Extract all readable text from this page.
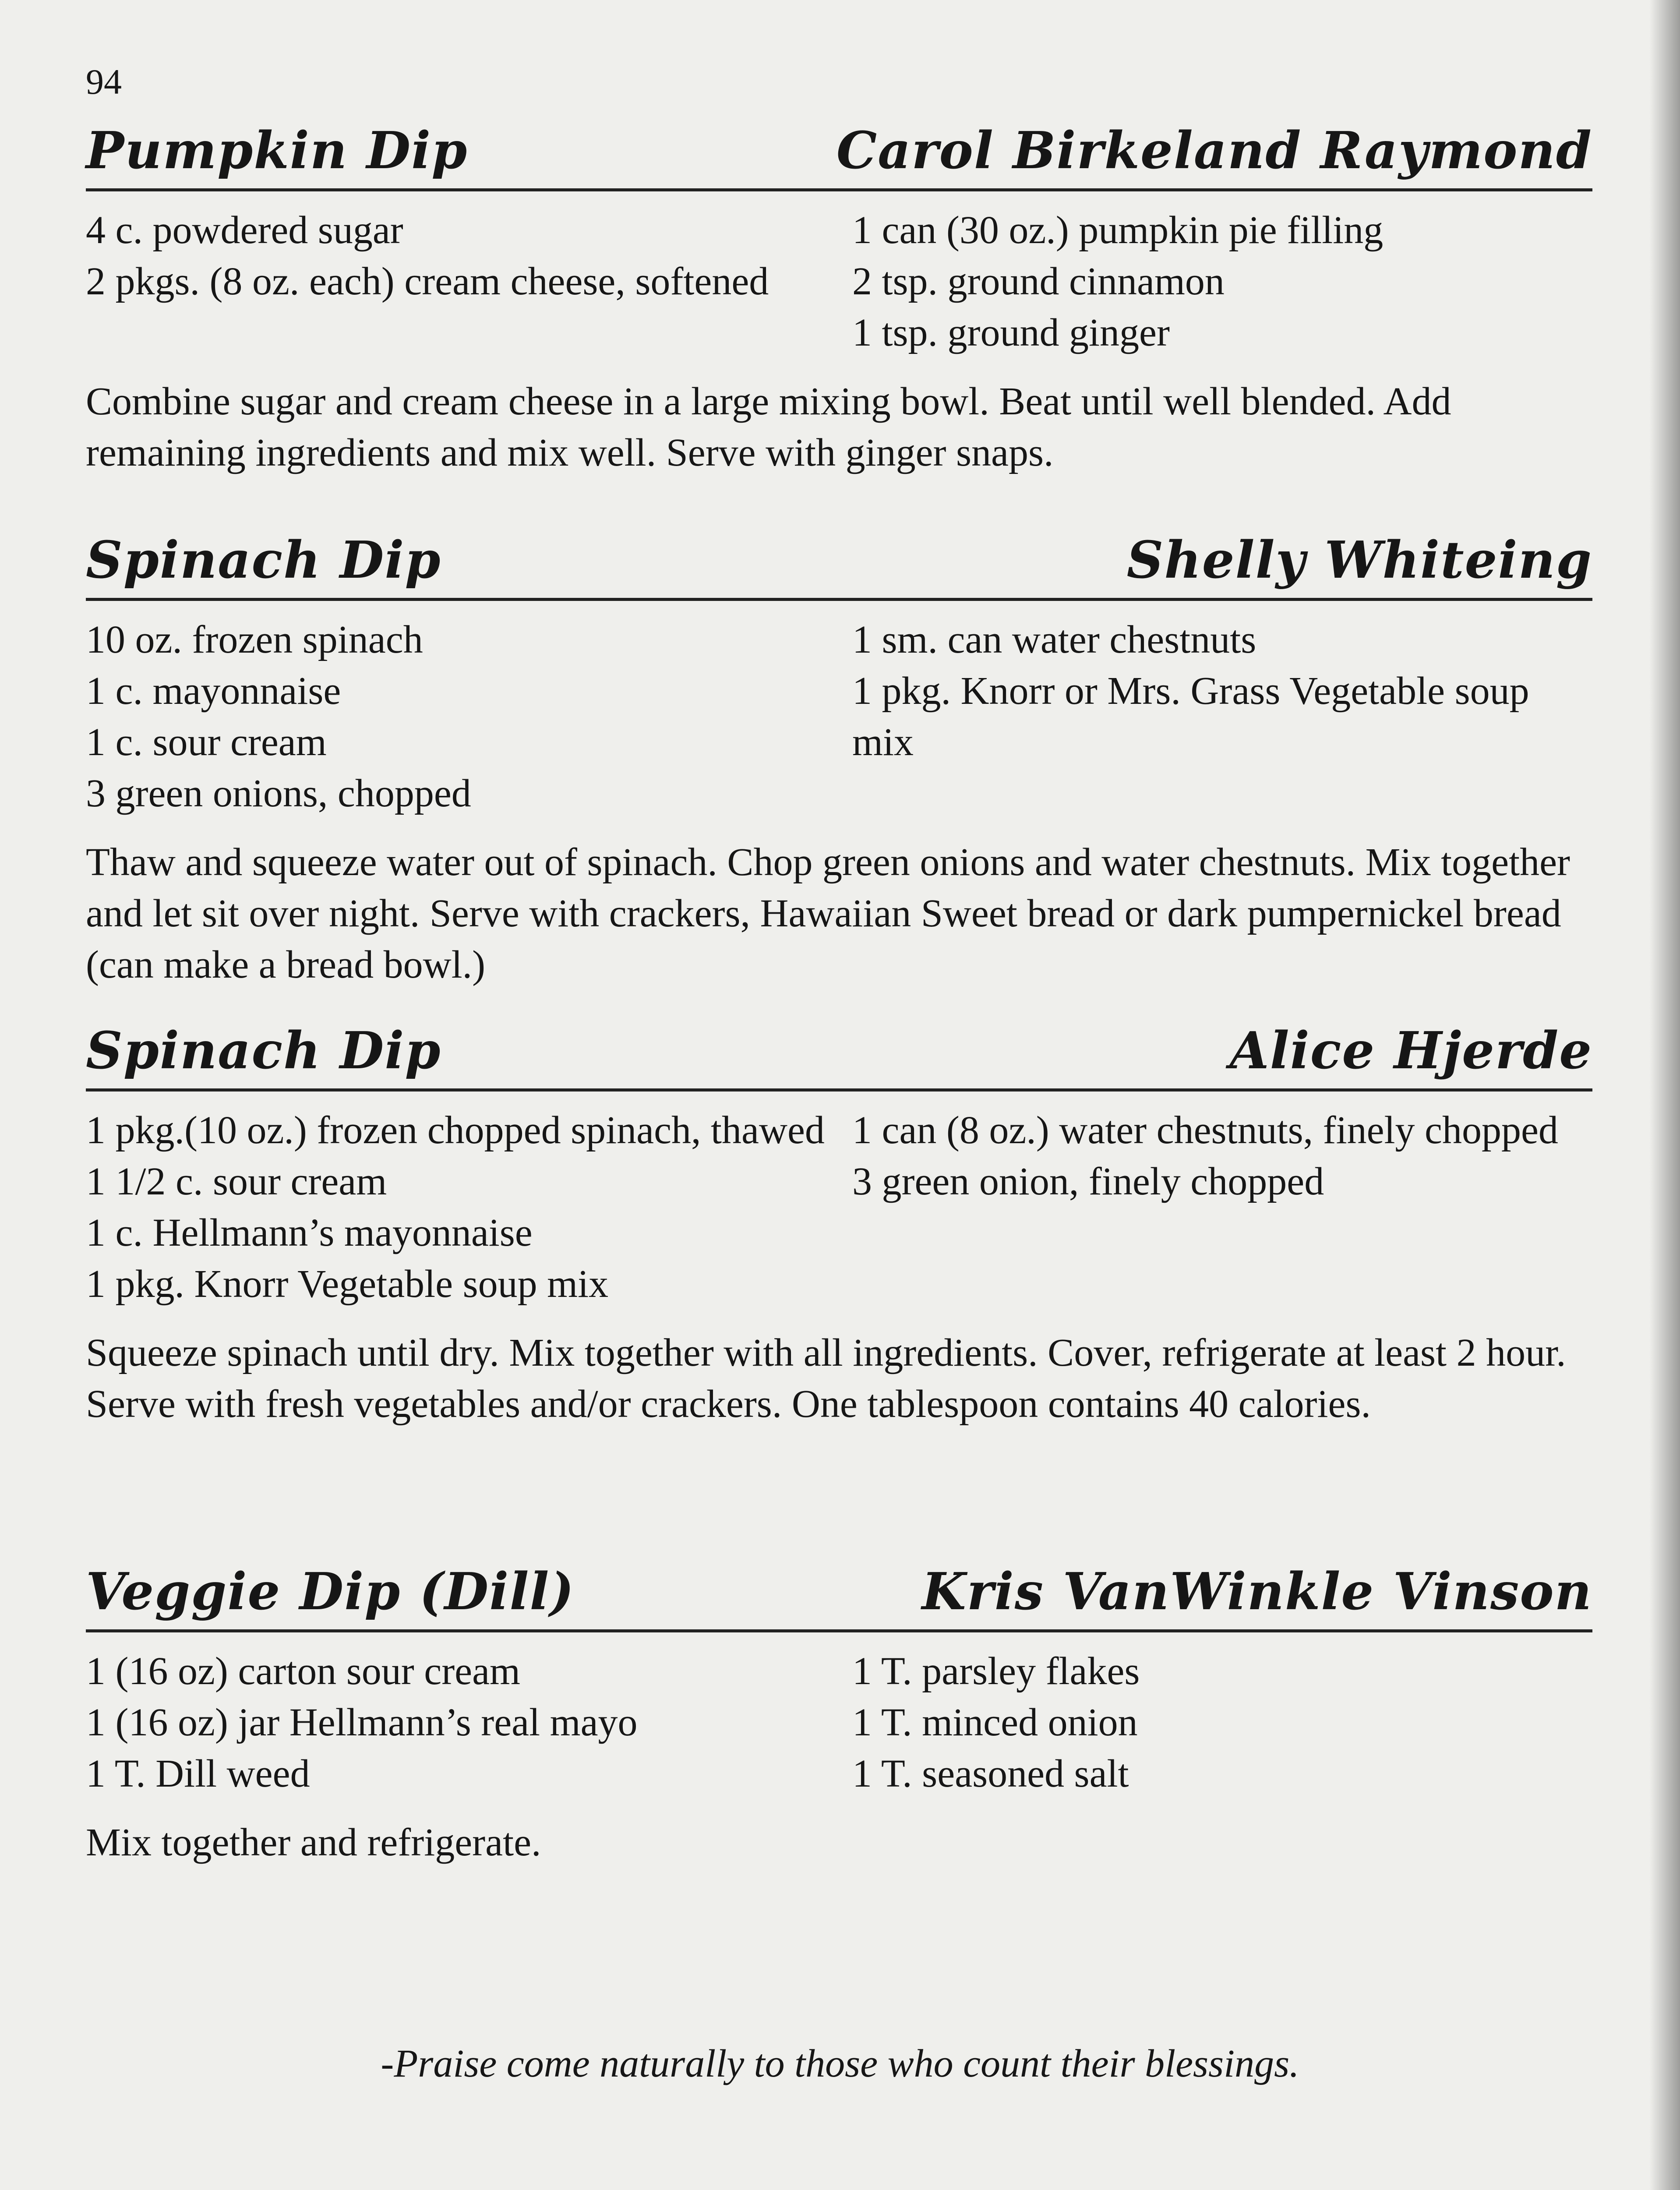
94
Pumpkin Dip	Carol Birkeland Raymond
4 c. powdered sugar
2 pkgs. (8 oz. each) cream cheese, softened
1 can (30 oz.) pumpkin pie filling
2 tsp. ground cinnamon
1 tsp. ground ginger
Combine sugar and cream cheese in a large mixing bowl. Beat until well blended. Add remaining ingredients and mix well. Serve with ginger snaps.
Spinach Dip	Shelly Whiteing
10 oz. frozen spinach
1 c. mayonnaise
1 c. sour cream
3 green onions, chopped
1 sm. can water chestnuts
1 pkg. Knorr or Mrs. Grass Vegetable soup mix
Thaw and squeeze water out of spinach. Chop green onions and water chestnuts. Mix together and let sit over night. Serve with crackers, Hawaiian Sweet bread or dark pumpernickel bread (can make a bread bowl.)
Spinach Dip	Alice Hjerde
1 pkg.(10 oz.) frozen chopped spinach, thawed
1 1/2 c. sour cream
1 c. Hellmann’s mayonnaise
1 pkg. Knorr Vegetable soup mix
1 can (8 oz.) water chestnuts, finely chopped
3 green onion, finely chopped
Squeeze spinach until dry. Mix together with all ingredients. Cover, refrigerate at least 2 hour. Serve with fresh vegetables and/or crackers. One tablespoon contains 40 calories.
Veggie Dip (Dill)	Kris VanWinkle Vinson
1 (16 oz) carton sour cream
1 (16 oz) jar Hellmann’s real mayo
1 T. Dill weed
1 T. parsley flakes
1 T. minced onion
1 T. seasoned salt
Mix together and refrigerate.
-Praise come naturally to those who count their blessings.
